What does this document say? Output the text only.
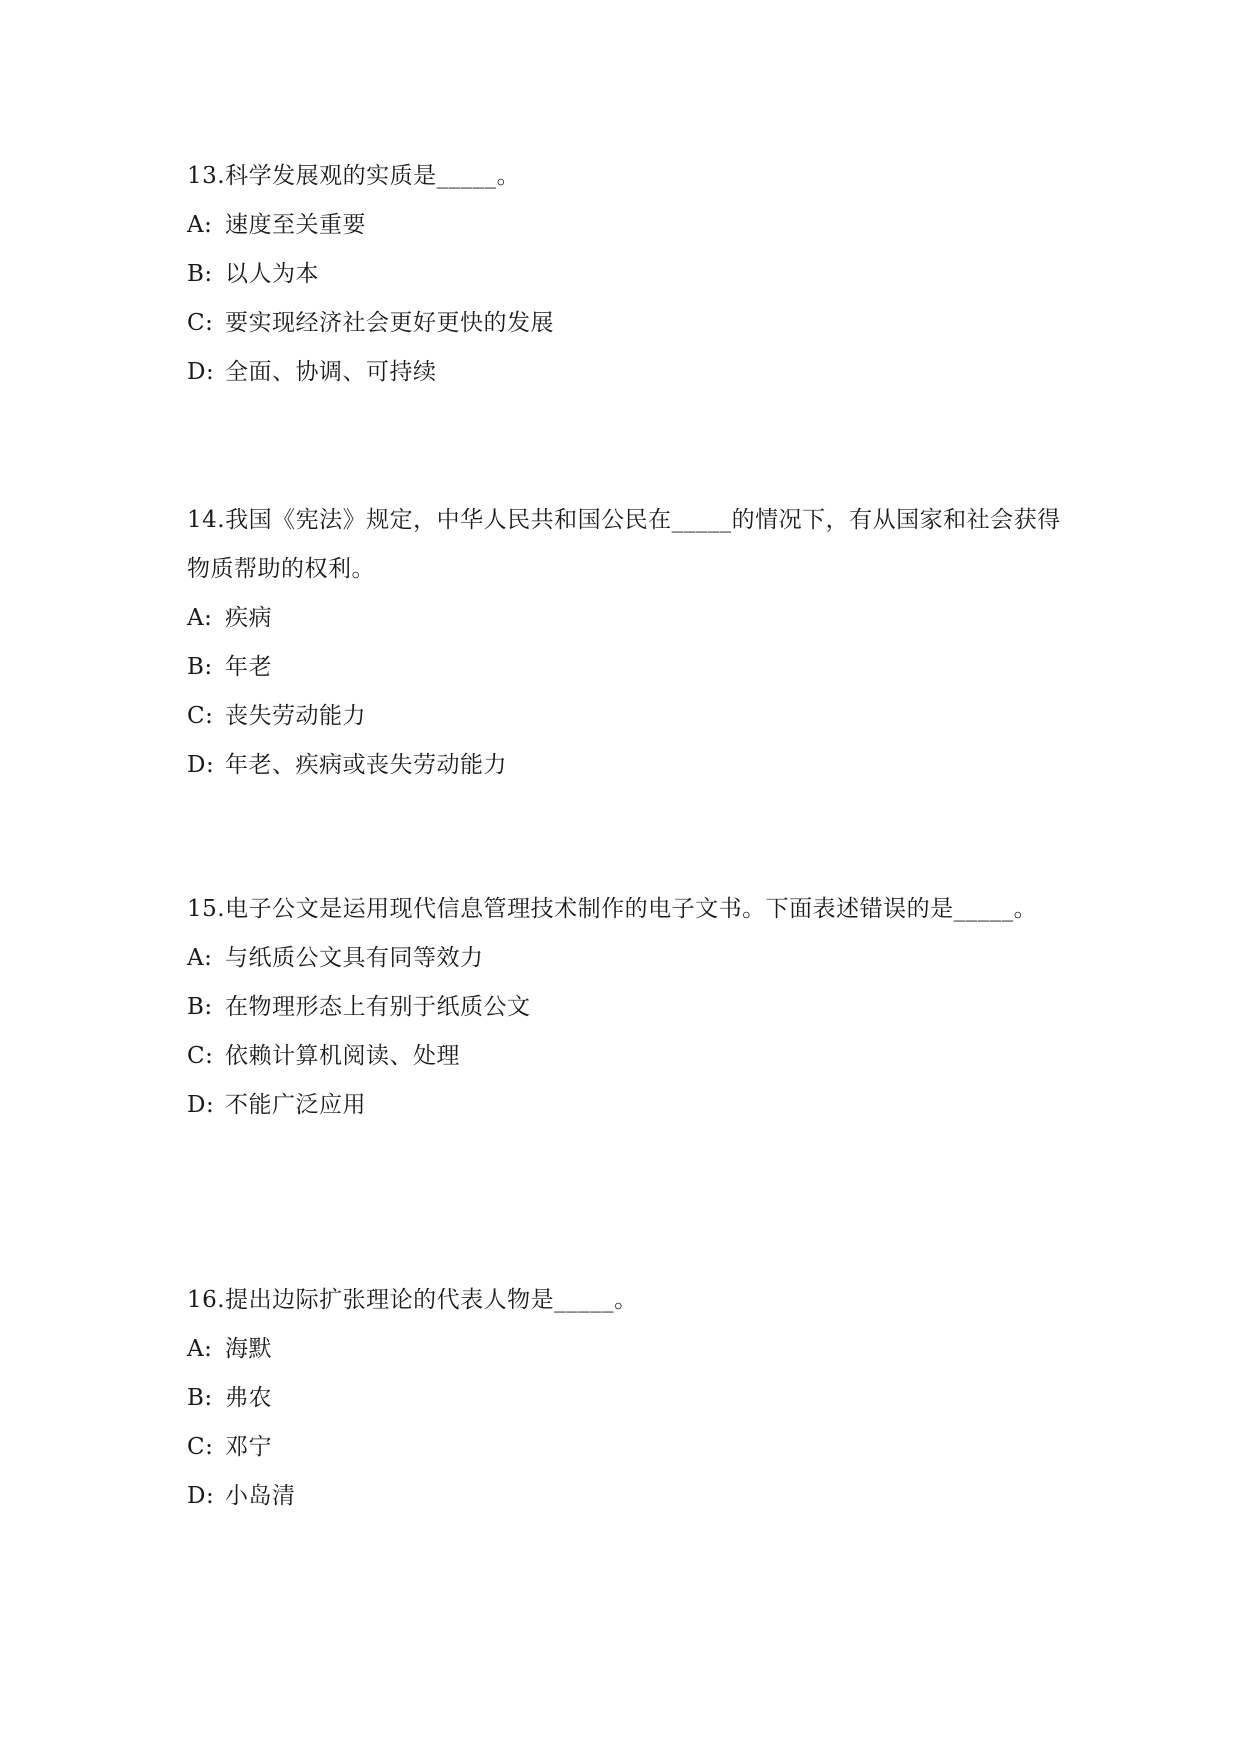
13.科学发展观的实质是_____。

A: 速度至关重要

B: 以人为本

C: 要实现经济社会更好更快的发展

D: 全面、协调、可持续

14.我国《宪法》规定，中华人民共和国公民在_____的情况下，有从国家和社会获得物质帮助的权利。

A: 疾病

B: 年老

C: 丧失劳动能力

D: 年老、疾病或丧失劳动能力

15.电子公文是运用现代信息管理技术制作的电子文书。下面表述错误的是_____。

A: 与纸质公文具有同等效力

B: 在物理形态上有别于纸质公文

C: 依赖计算机阅读、处理

D: 不能广泛应用

16.提出边际扩张理论的代表人物是_____。

A: 海默

B: 弗农

C: 邓宁

D: 小岛清
